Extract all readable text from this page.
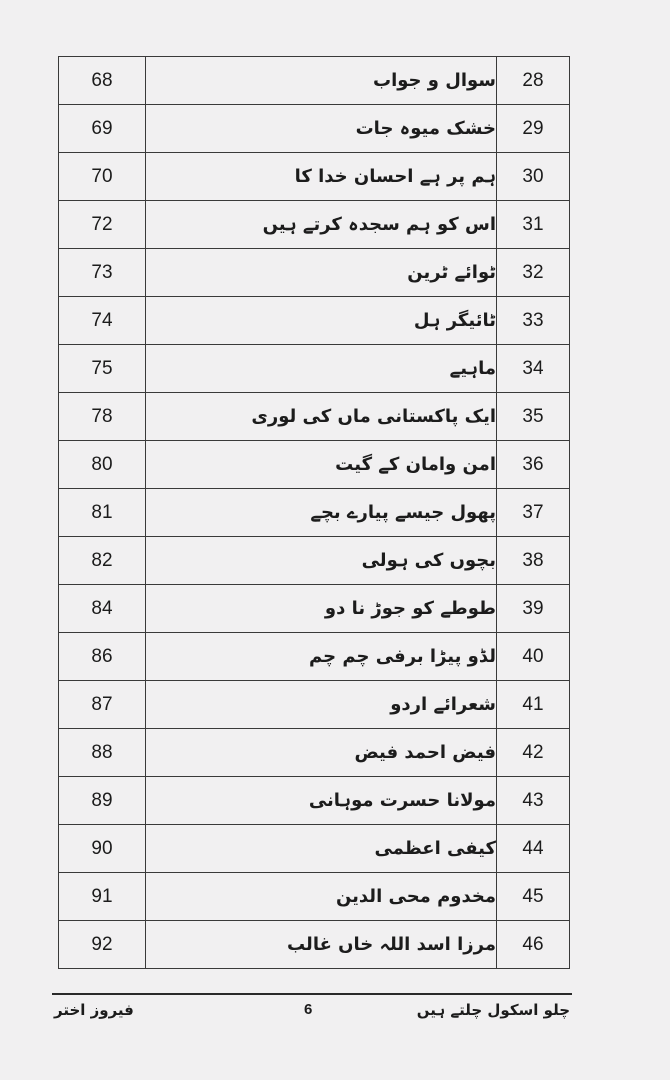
68	سوال و جواب	28
69	خشک میوہ جات	29
70	ہم پر ہے احسان خدا کا	30
72	اس کو ہم سجدہ کرتے ہیں	31
73	ٹوائے ٹرین	32
74	ٹائیگر ہل	33
75	ماہیے	34
78	ایک پاکستانی ماں کی لوری	35
80	امن وامان کے گیت	36
81	پھول جیسے پیارے بچے	37
82	بچوں کی ہولی	38
84	طوطے کو جوڑ نا دو	39
86	لڈو پیڑا برفی چم چم	40
87	شعرائے اردو	41
88	فیض احمد فیض	42
89	مولانا حسرت موہانی	43
90	کیفی اعظمی	44
91	مخدوم محی الدین	45
92	مرزا اسد اللہ خاں غالب	46
فیروز اختر	6	چلو اسکول چلتے ہیں
